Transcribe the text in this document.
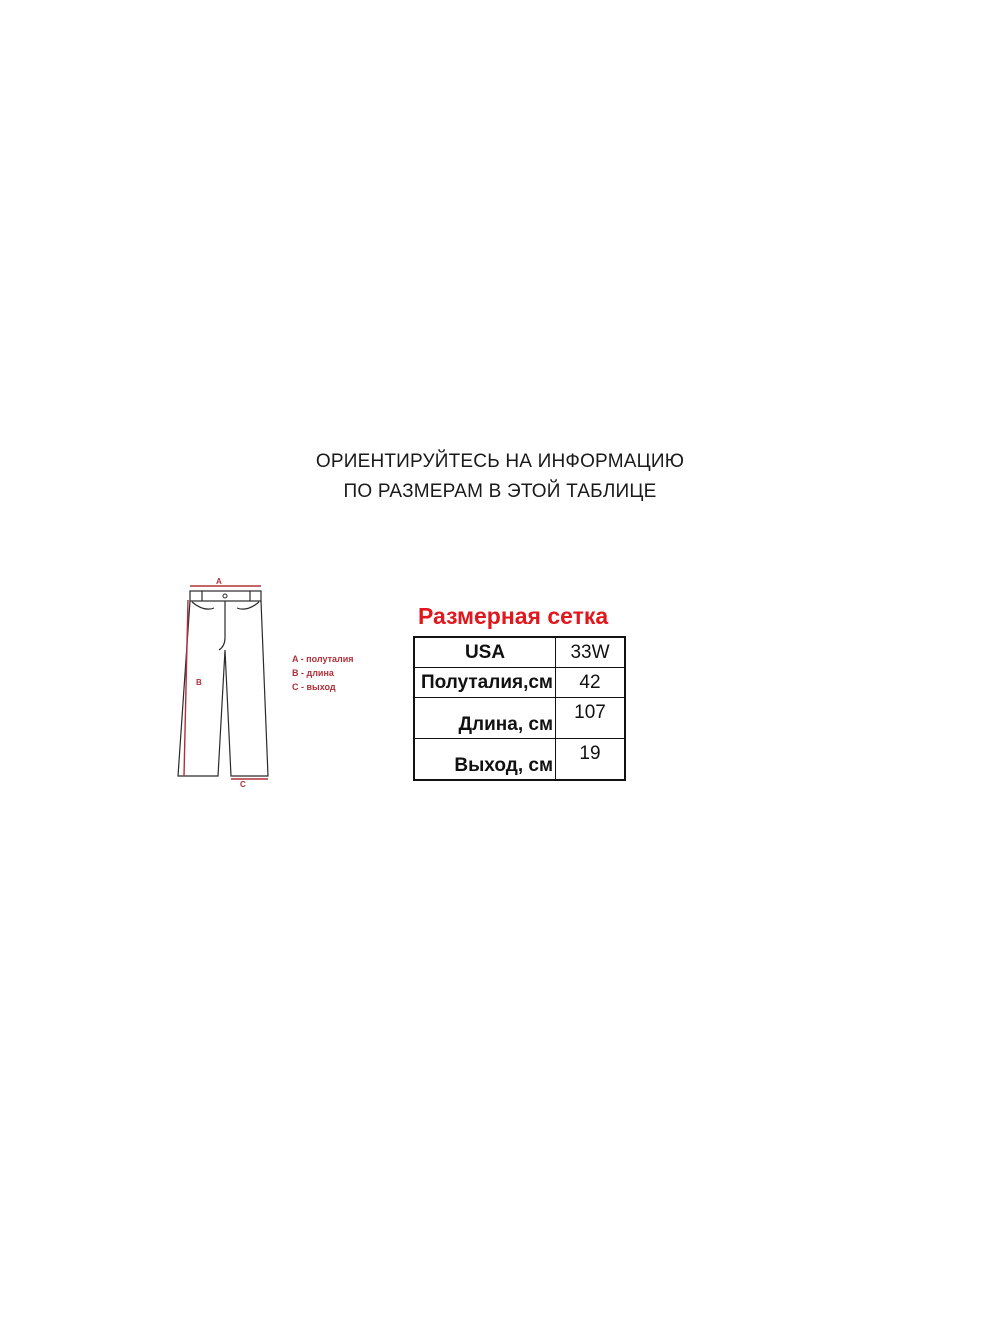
ОРИЕНТИРУЙТЕСЬ НА ИНФОРМАЦИЮ
ПО РАЗМЕРАМ В ЭТОЙ ТАБЛИЦЕ
A
B
C
A - полуталия
B - длина
C - выход
Размерная сетка
USA	33W
Полуталия,см	42
Длина, см	107
Выход, см	19
